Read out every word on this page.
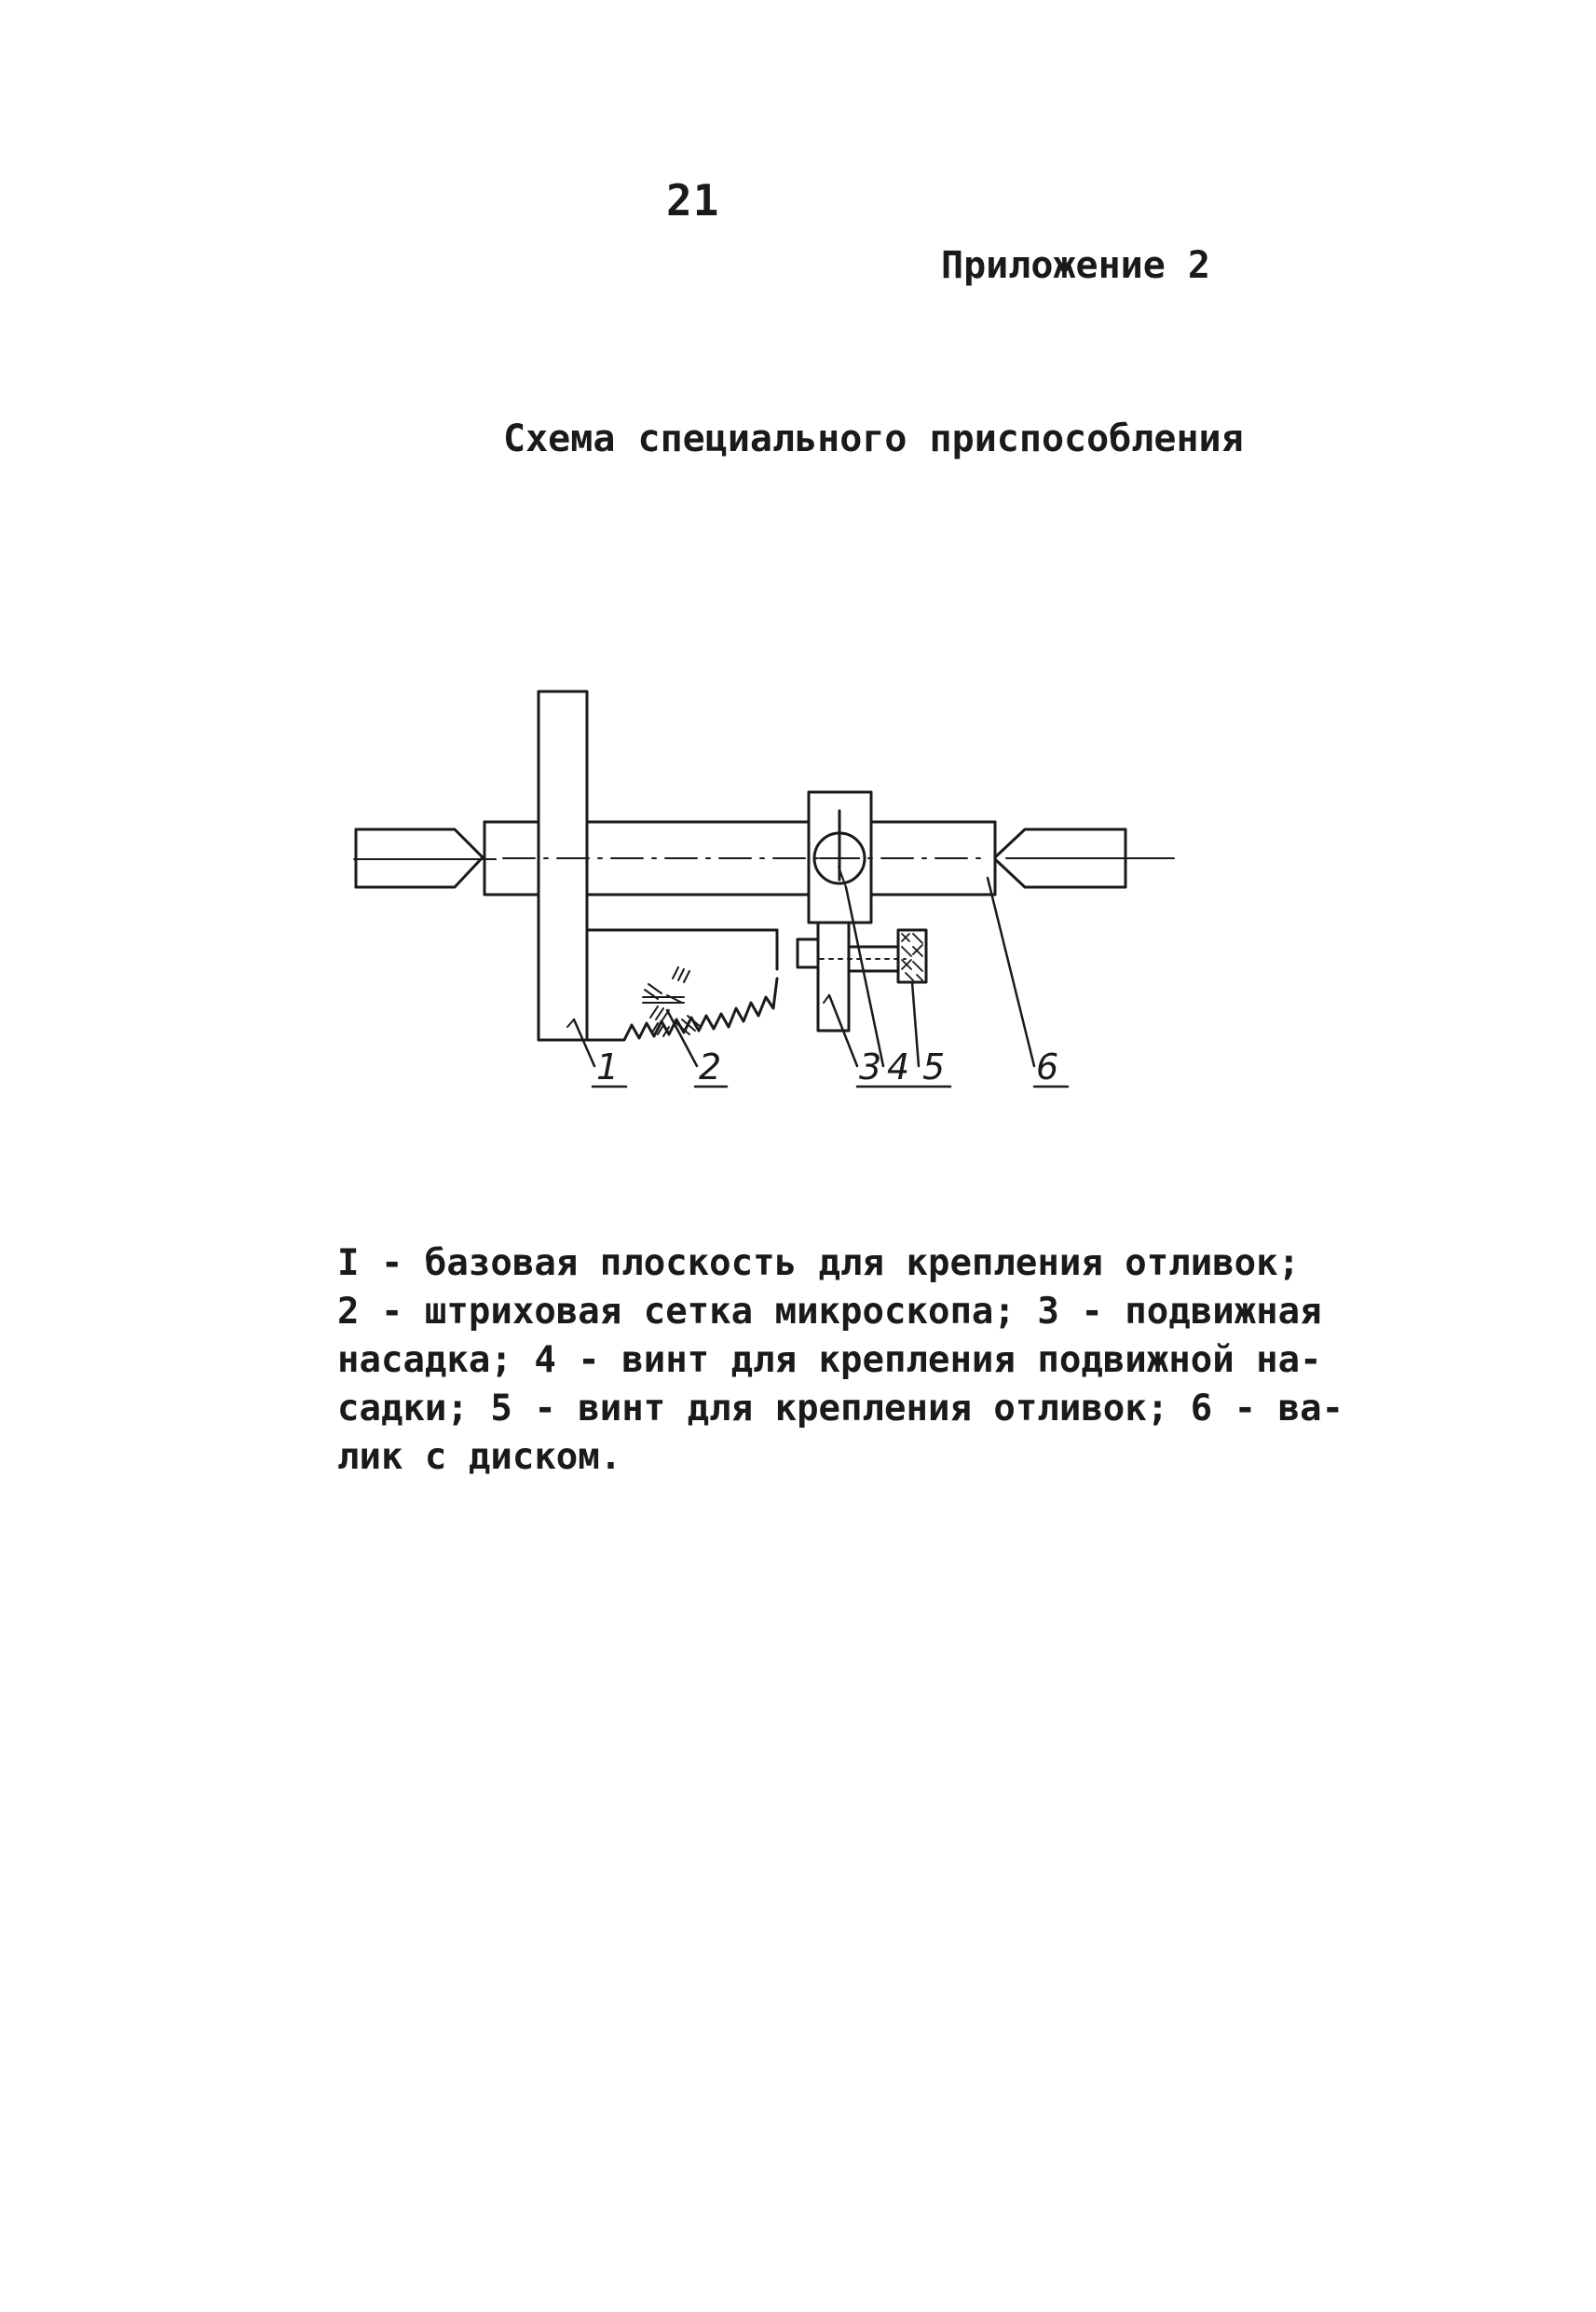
21
Приложение 2
Схема специального приспособления
1 2	3 4 5	6
I - базовая плоскость для крепления отливок;
2 - штриховая сетка микроскопа; 3 - подвижная
насадка; 4 - винт для крепления подвижной на-
садки; 5 - винт для крепления отливок; 6 - ва-
лик с диском.
